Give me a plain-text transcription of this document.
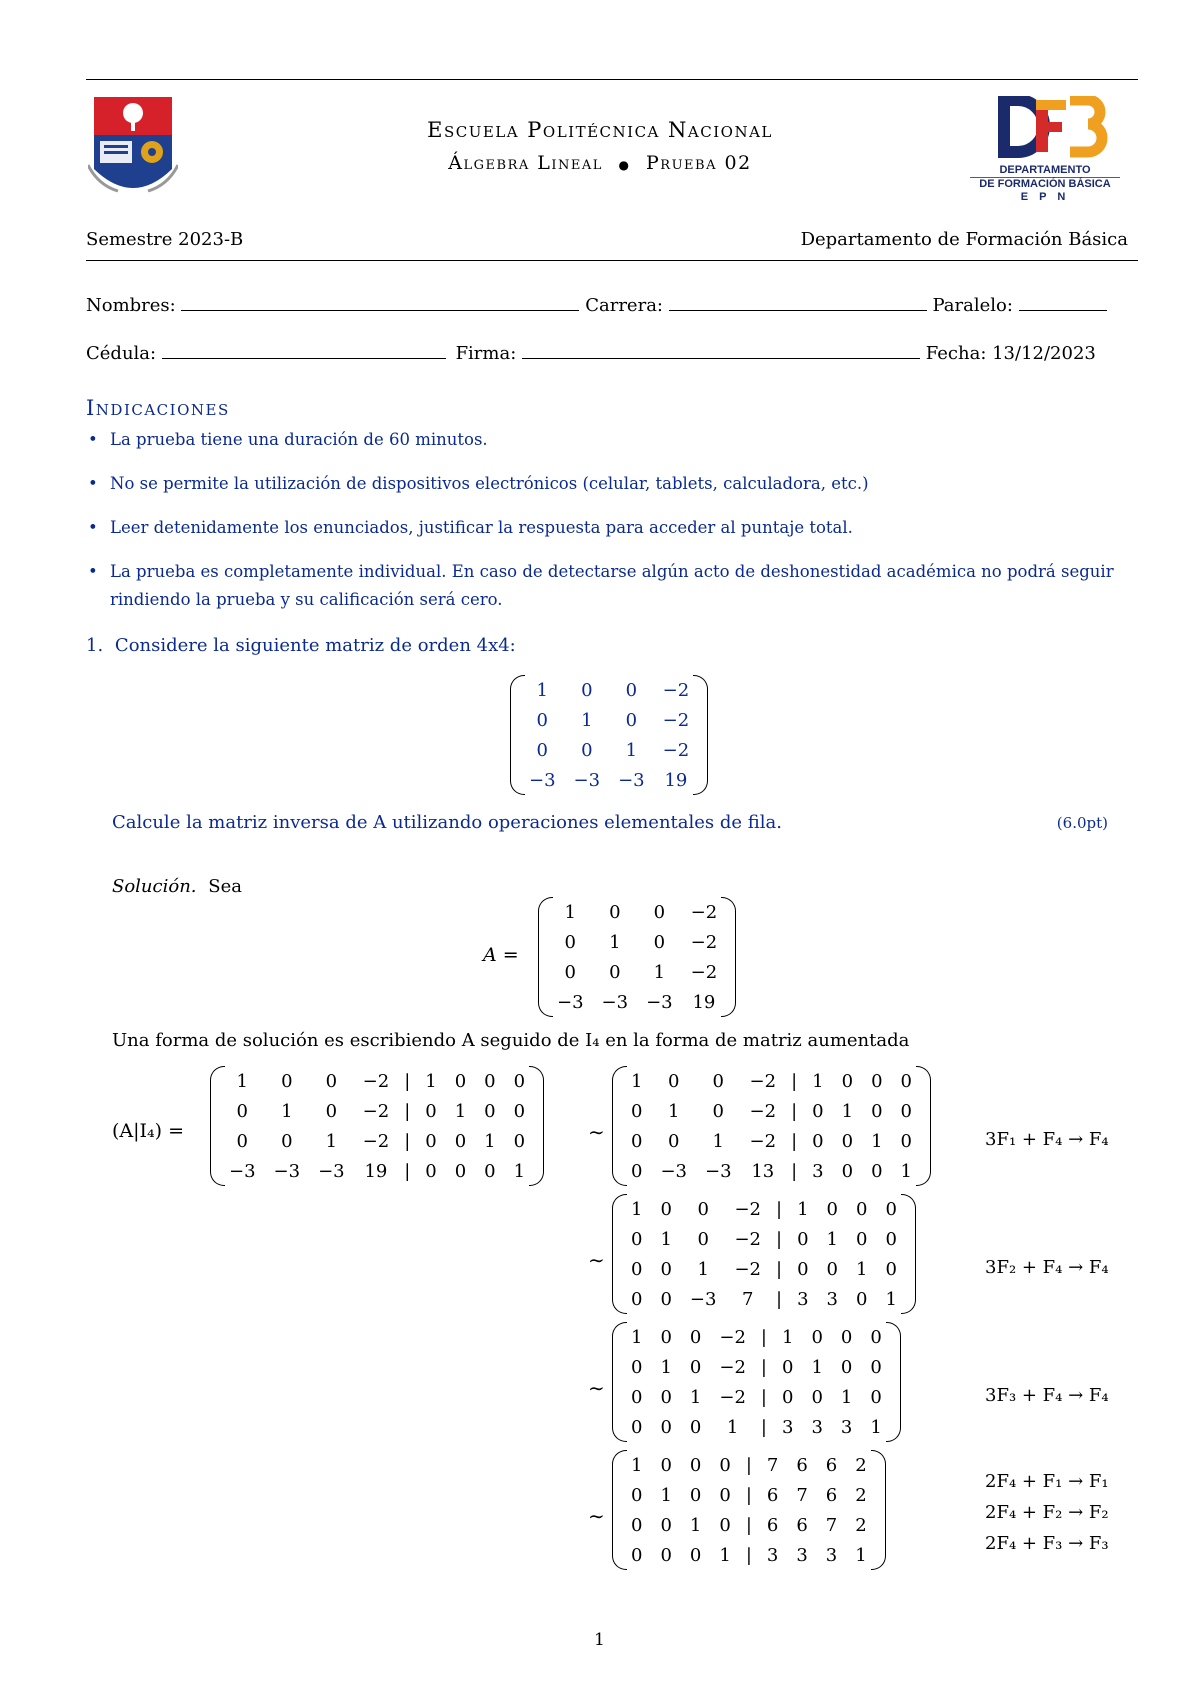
Escuela Politécnica Nacional
Álgebra Lineal ● Prueba 02	DEPARTAMENTO
DE FORMACIÓN BÁSICA
E P N
Semestre 2023-B	Departamento de Formación Básica
Nombres:	Carrera:	Paralelo:
Cédula:	Firma:	Fecha: 13/12/2023
Indicaciones
• La prueba tiene una duración de 60 minutos.
• No se permite la utilización de dispositivos electrónicos (celular, tablets, calculadora, etc.)
• Leer detenidamente los enunciados, justificar la respuesta para acceder al puntaje total.
• La prueba es completamente individual. En caso de detectarse algún acto de deshonestidad académica no podrá seguir rindiendo la prueba y su calificación será cero.
1. Considere la siguiente matriz de orden 4x4:
1	0	0	−2
0	1	0	−2
0	0	1	−2
−3	−3	−3	19
Calcule la matriz inversa de A utilizando operaciones elementales de fila.	(6.0pt)
Solución. Sea
A =
1	0	0	−2
0	1	0	−2
0	0	1	−2
−3	−3	−3	19
Una forma de solución es escribiendo A seguido de I₄ en la forma de matriz aumentada
(A|I₄) =
1	0	0	−2	|	1	0	0	0
0	1	0	−2	|	0	1	0	0
0	0	1	−2	|	0	0	1	0
−3	−3	−3	19	|	0	0	0	1
1	0	0	−2	|	1	0	0	0
0	1	0	−2	|	0	1	0	0
0	0	1	−2	|	0	0	1	0
0	−3	−3	13	|	3	0	0	1
∼	3F₁ + F₄ → F₄
1	0	0	−2	|	1	0	0	0
0	1	0	−2	|	0	1	0	0
0	0	1	−2	|	0	0	1	0
0	0	−3	7	|	3	3	0	1
∼	3F₂ + F₄ → F₄
1	0	0	−2	|	1	0	0	0
0	1	0	−2	|	0	1	0	0
0	0	1	−2	|	0	0	1	0
0	0	0	1	|	3	3	3	1
∼	3F₃ + F₄ → F₄
1	0	0	0	|	7	6	6	2
0	1	0	0	|	6	7	6	2
0	0	1	0	|	6	6	7	2
0	0	0	1	|	3	3	3	1
∼
2F₄ + F₁ → F₁
2F₄ + F₂ → F₂
2F₄ + F₃ → F₃
1
